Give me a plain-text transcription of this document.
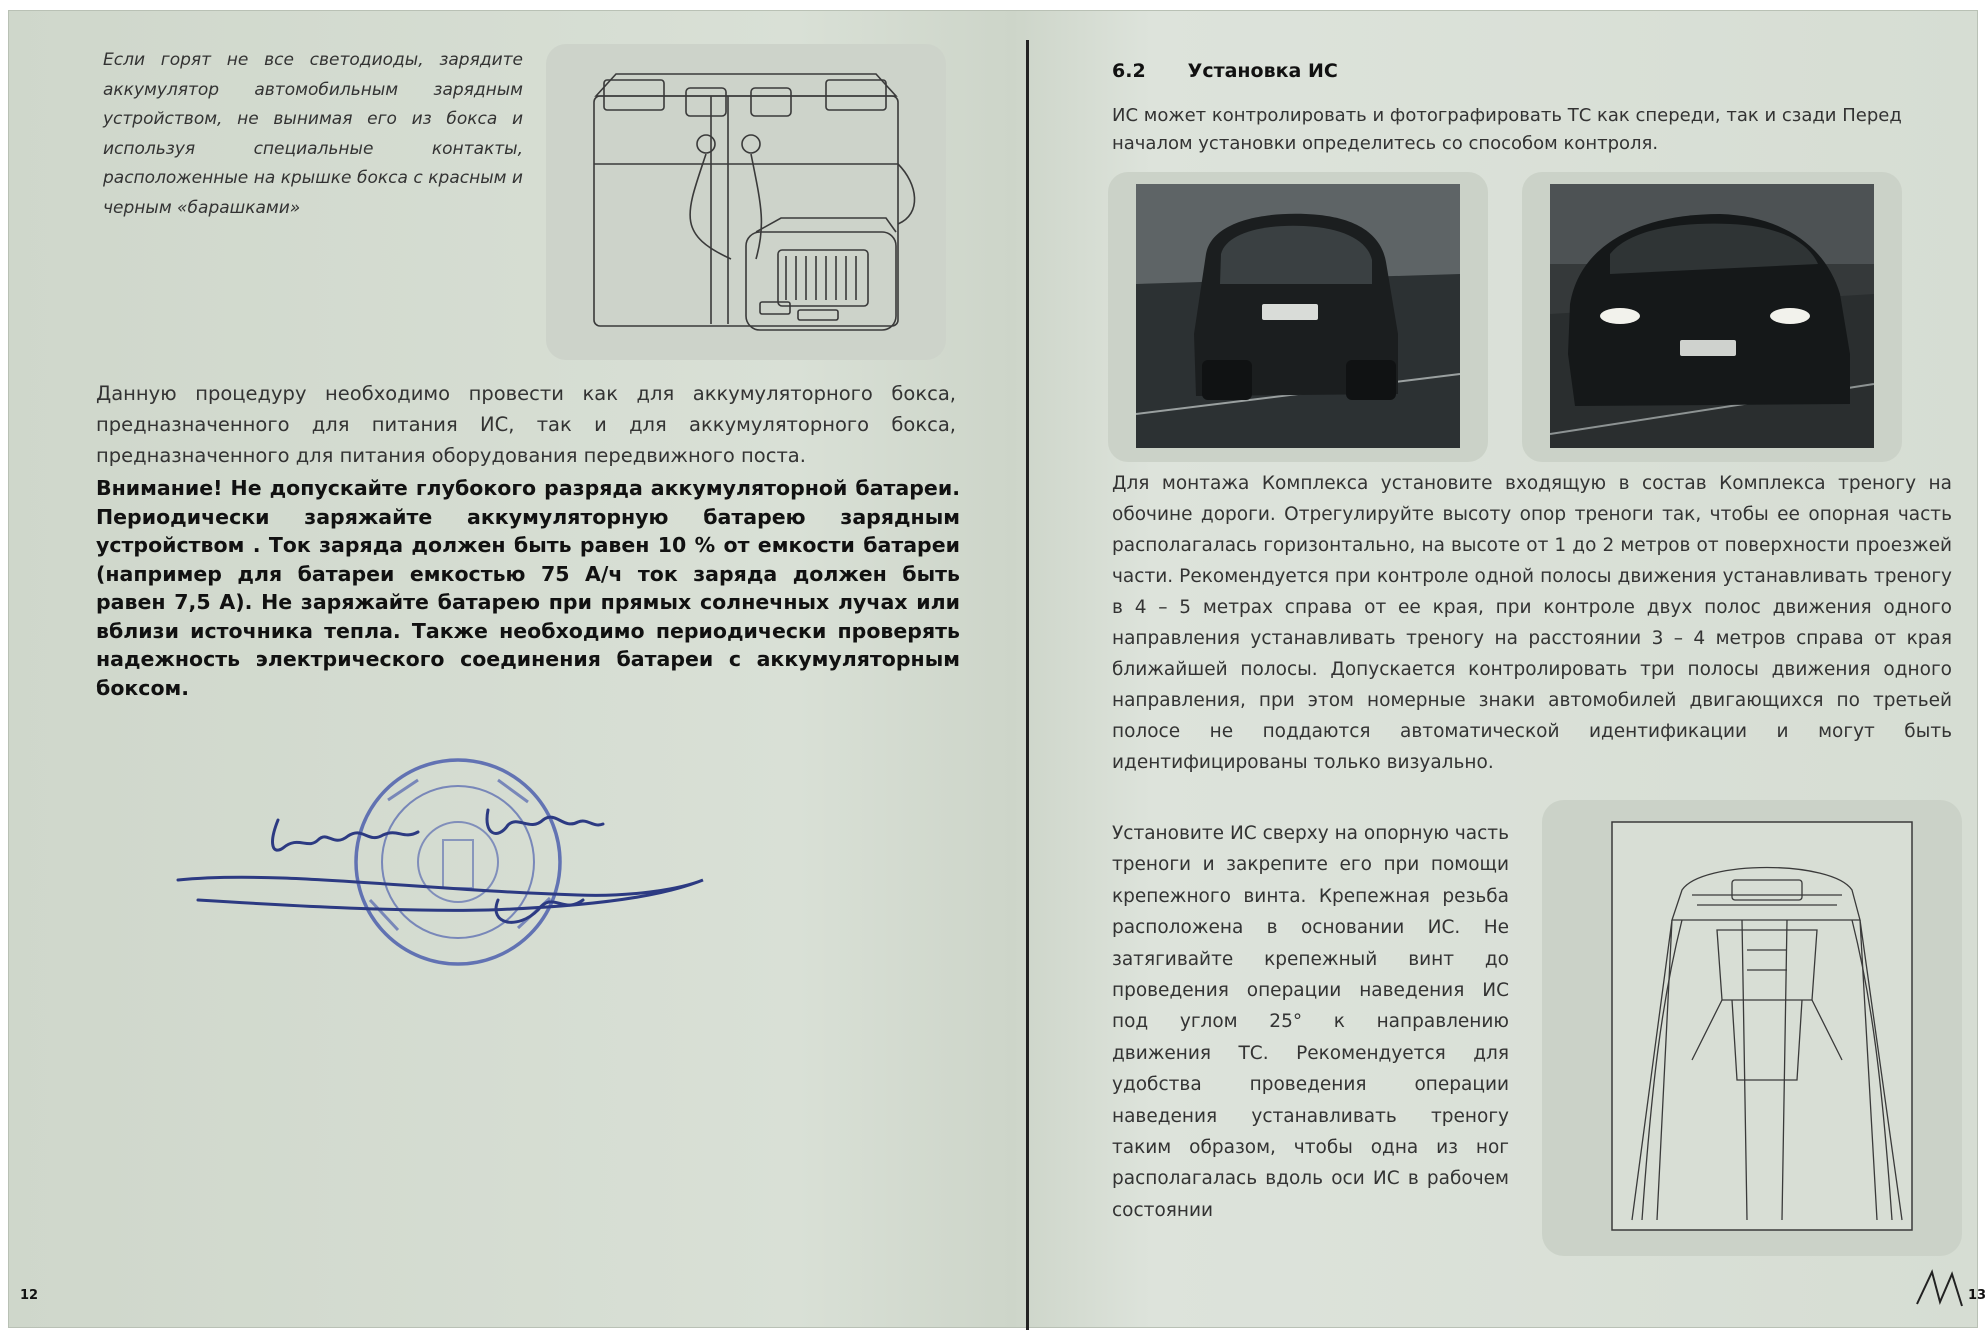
Если горят не все светодиоды, зарядите аккумулятор автомобильным зарядным устройством, не вынимая его из бокса и используя специальные контакты, расположенные на крышке бокса с красным и черным «барашками»
Данную процедуру необходимо провести как для аккумуляторного бокса, предназначенного для питания ИС, так и для аккумуляторного бокса, предназначенного для питания оборудования передвижного поста.
Внимание! Не допускайте глубокого разряда аккумуляторной батареи. Периодически заряжайте аккумуляторную батарею зарядным устройством . Ток заряда должен быть равен 10 % от емкости батареи (например для батареи емкостью 75 А/ч ток заряда должен быть равен 7,5 А). Не заряжайте батарею при прямых солнечных лучах или вблизи источника тепла. Также необходимо периодически проверять надежность электрического соединения батареи с аккумуляторным боксом.
12
6.2 Установка ИС
ИС может контролировать и фотографировать ТС как спереди, так и сзади Перед началом установки определитесь со способом контроля.
Для монтажа Комплекса установите входящую в состав Комплекса треногу на обочине дороги. Отрегулируйте высоту опор треноги так, чтобы ее опорная часть располагалась горизонтально, на высоте от 1 до 2 метров от поверхности проезжей части. Рекомендуется при контроле одной полосы движения устанавливать треногу в 4 – 5 метрах справа от ее края, при контроле двух полос движения одного направления устанавливать треногу на расстоянии 3 – 4 метров справа от края ближайшей полосы. Допускается контролировать три полосы движения одного направления, при этом номерные знаки автомобилей двигающихся по третьей полосе не поддаются автоматической идентификации и могут быть идентифицированы только визуально.
Установите ИС сверху на опорную часть треноги и закрепите его при помощи крепежного винта. Крепежная резьба расположена в основании ИС. Не затягивайте крепежный винт до проведения операции наведения ИС под углом 25° к направлению движения ТС. Рекомендуется для удобства проведения операции наведения устанавливать треногу таким образом, чтобы одна из ног располагалась вдоль оси ИС в рабочем состоянии
13
